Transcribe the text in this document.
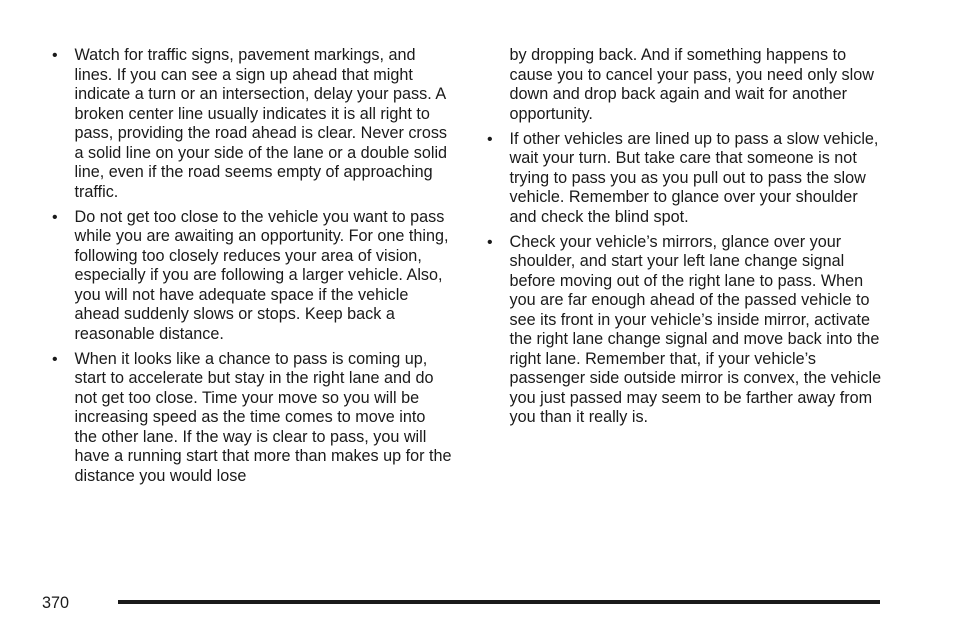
• Watch for traffic signs, pavement markings, and lines. If you can see a sign up ahead that might indicate a turn or an intersection, delay your pass. A broken center line usually indicates it is all right to pass, providing the road ahead is clear. Never cross a solid line on your side of the lane or a double solid line, even if the road seems empty of approaching traffic.
• Do not get too close to the vehicle you want to pass while you are awaiting an opportunity. For one thing, following too closely reduces your area of vision, especially if you are following a larger vehicle. Also, you will not have adequate space if the vehicle ahead suddenly slows or stops. Keep back a reasonable distance.
• When it looks like a chance to pass is coming up, start to accelerate but stay in the right lane and do not get too close. Time your move so you will be increasing speed as the time comes to move into the other lane. If the way is clear to pass, you will have a running start that more than makes up for the distance you would lose
by dropping back. And if something happens to cause you to cancel your pass, you need only slow down and drop back again and wait for another opportunity.
• If other vehicles are lined up to pass a slow vehicle, wait your turn. But take care that someone is not trying to pass you as you pull out to pass the slow vehicle. Remember to glance over your shoulder and check the blind spot.
• Check your vehicle’s mirrors, glance over your shoulder, and start your left lane change signal before moving out of the right lane to pass. When you are far enough ahead of the passed vehicle to see its front in your vehicle’s inside mirror, activate the right lane change signal and move back into the right lane. Remember that, if your vehicle’s passenger side outside mirror is convex, the vehicle you just passed may seem to be farther away from you than it really is.
370
